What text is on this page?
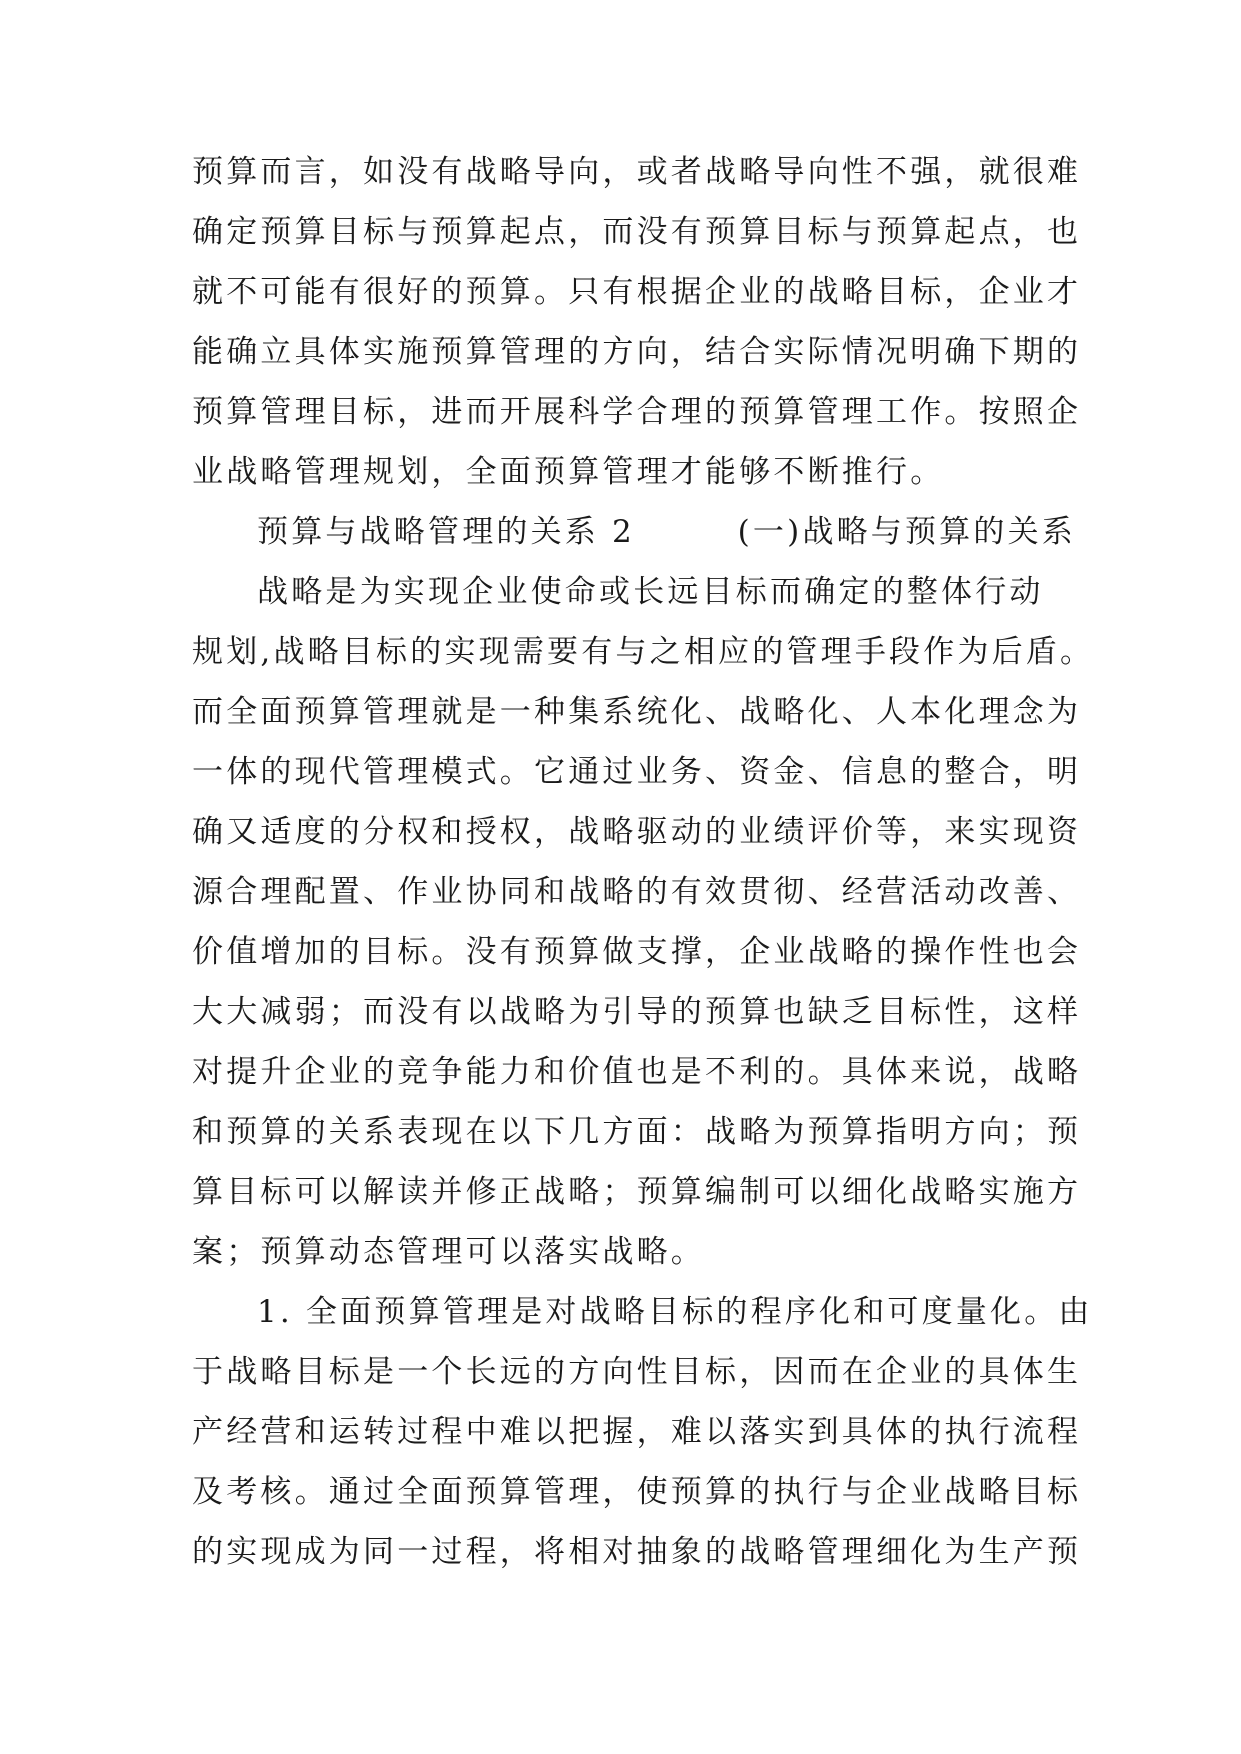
预算而言，如没有战略导向，或者战略导向性不强，就很难
确定预算目标与预算起点，而没有预算目标与预算起点，也
就不可能有很好的预算。只有根据企业的战略目标，企业才
能确立具体实施预算管理的方向，结合实际情况明确下期的
预算管理目标，进而开展科学合理的预算管理工作。按照企
业战略管理规划，全面预算管理才能够不断推行。
预算与战略管理的关系 2　　　(一)战略与预算的关系
战略是为实现企业使命或长远目标而确定的整体行动
规划,战略目标的实现需要有与之相应的管理手段作为后盾。
而全面预算管理就是一种集系统化、战略化、人本化理念为
一体的现代管理模式。它通过业务、资金、信息的整合，明
确又适度的分权和授权，战略驱动的业绩评价等，来实现资
源合理配置、作业协同和战略的有效贯彻、经营活动改善、
价值增加的目标。没有预算做支撑，企业战略的操作性也会
大大减弱；而没有以战略为引导的预算也缺乏目标性，这样
对提升企业的竞争能力和价值也是不利的。具体来说，战略
和预算的关系表现在以下几方面：战略为预算指明方向；预
算目标可以解读并修正战略；预算编制可以细化战略实施方
案；预算动态管理可以落实战略。
1. 全面预算管理是对战略目标的程序化和可度量化。由
于战略目标是一个长远的方向性目标，因而在企业的具体生
产经营和运转过程中难以把握，难以落实到具体的执行流程
及考核。通过全面预算管理，使预算的执行与企业战略目标
的实现成为同一过程，将相对抽象的战略管理细化为生产预
